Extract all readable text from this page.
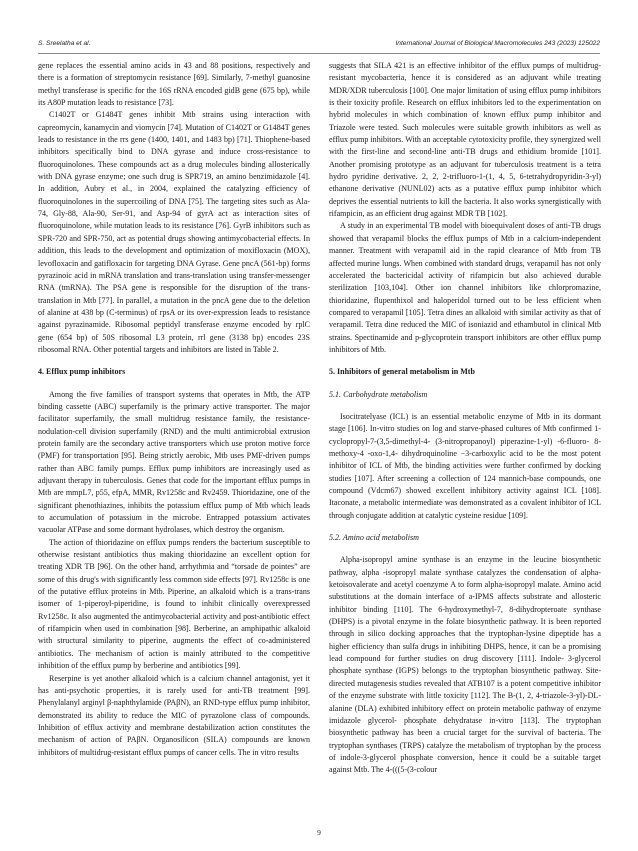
S. Sreelatha et al.	International Journal of Biological Macromolecules 243 (2023) 125022

gene replaces the essential amino acids in 43 and 88 positions, respectively and there is a formation of streptomycin resistance [69]. Similarly, 7-methyl guanosine methyl transferase is specific for the 16S rRNA encoded gidB gene (675 bp), while its A80P mutation leads to resistance [73].

C1402T or G1484T genes inhibit Mtb strains using interaction with capreomycin, kanamycin and viomycin [74]. Mutation of C1402T or G1484T genes leads to resistance in the rrs gene (1400, 1401, and 1483 bp) [71]. Thiophene-based inhibitors specifically bind to DNA gyrase and induce cross-resistance to fluoroquinolones. These compounds act as a drug molecules binding allosterically with DNA gyrase enzyme; one such drug is SPR719, an amino benzimidazole [4]. In addition, Aubry et al., in 2004, explained the catalyzing efficiency of fluoroquinolones in the supercoiling of DNA [75]. The targeting sites such as Ala-74, Gly-88, Ala-90, Ser-91, and Asp-94 of gyrA act as interaction sites of fluoroquinolone, while mutation leads to its resistance [76]. GyrB inhibitors such as SPR-720 and SPR-750, act as potential drugs showing antimycobacterial effects. In addition, this leads to the development and optimization of moxifloxacin (MOX), levofloxacin and gatifloxacin for targeting DNA Gyrase. Gene pncA (561-bp) forms pyrazinoic acid in mRNA translation and trans-translation using transfer-messenger RNA (tmRNA). The PSA gene is responsible for the disruption of the trans-translation in Mtb [77]. In parallel, a mutation in the pncA gene due to the deletion of alanine at 438 bp (C-terminus) of rpsA or its over-expression leads to resistance against pyrazinamide. Ribosomal peptidyl transferase enzyme encoded by rplC gene (654 bp) of 50S ribosomal L3 protein, rrl gene (3138 bp) encodes 23S ribosomal RNA. Other potential targets and inhibitors are listed in Table 2.

4. Efflux pump inhibitors

Among the five families of transport systems that operates in Mtb, the ATP binding cassette (ABC) superfamily is the primary active transporter. The major facilitator superfamily, the small multidrug resistance family, the resistance-nodulation-cell division superfamily (RND) and the multi antimicrobial extrusion protein family are the secondary active transporters which use proton motive force (PMF) for transportation [95]. Being strictly aerobic, Mtb uses PMF-driven pumps rather than ABC family pumps. Efflux pump inhibitors are increasingly used as adjuvant therapy in tuberculosis. Genes that code for the important efflux pumps in Mtb are mmpL7, p55, efpA, MMR, Rv1258c and Rv2459. Thioridazine, one of the significant phenothiazines, inhibits the potassium efflux pump of Mtb which leads to accumulation of potassium in the microbe. Entrapped potassium activates vacuolar ATPase and some dormant hydrolases, which destroy the organism.

The action of thioridazine on efflux pumps renders the bacterium susceptible to otherwise resistant antibiotics thus making thioridazine an excellent option for treating XDR TB [96]. On the other hand, arrhythmia and “torsade de pointes” are some of this drug's with significantly less common side effects [97]. Rv1258c is one of the putative efflux proteins in Mtb. Piperine, an alkaloid which is a trans-trans isomer of 1-piperoyl-piperidine, is found to inhibit clinically overexpressed Rv1258c. It also augmented the antimycobacterial activity and post-antibiotic effect of rifampicin when used in combination [98]. Berberine, an amphipathic alkaloid with structural similarity to piperine, augments the effect of co-administered antibiotics. The mechanism of action is mainly attributed to the competitive inhibition of the efflux pump by berberine and antibiotics [99].

Reserpine is yet another alkaloid which is a calcium channel antagonist, yet it has anti-psychotic properties, it is rarely used for anti-TB treatment [99]. Phenylalanyl arginyl β-naphthylamide (PAβN), an RND-type efflux pump inhibitor, demonstrated its ability to reduce the MIC of pyrazolone class of compounds. Inhibition of efflux activity and membrane destabilization action constitutes the mechanism of action of PAβN. Organosilicon (SILA) compounds are known inhibitors of multidrug-resistant efflux pumps of cancer cells. The in vitro results

suggests that SILA 421 is an effective inhibitor of the efflux pumps of multidrug-resistant mycobacteria, hence it is considered as an adjuvant while treating MDR/XDR tuberculosis [100]. One major limitation of using efflux pump inhibitors is their toxicity profile. Research on efflux inhibitors led to the experimentation on hybrid molecules in which combination of known efflux pump inhibitor and Triazole were tested. Such molecules were suitable growth inhibitors as well as efflux pump inhibitors. With an acceptable cytotoxicity profile, they synergized well with the first-line and second-line anti-TB drugs and ethidium bromide [101]. Another promising prototype as an adjuvant for tuberculosis treatment is a tetra hydro pyridine derivative. 2, 2, 2-trifluoro-1-(1, 4, 5, 6-tetrahydropyridin-3-yl) ethanone derivative (NUNL02) acts as a putative efflux pump inhibitor which deprives the essential nutrients to kill the bacteria. It also works synergistically with rifampicin, as an efficient drug against MDR TB [102].

A study in an experimental TB model with bioequivalent doses of anti-TB drugs showed that verapamil blocks the efflux pumps of Mtb in a calcium-independent manner. Treatment with verapamil aid in the rapid clearance of Mtb from TB affected murine lungs. When combined with standard drugs, verapamil has not only accelerated the bactericidal activity of rifampicin but also achieved durable sterilization [103,104]. Other ion channel inhibitors like chlorpromazine, thioridazine, flupenthixol and haloperidol turned out to be less efficient when compared to verapamil [105]. Tetra dines an alkaloid with similar activity as that of verapamil. Tetra dine reduced the MIC of isoniazid and ethambutol in clinical Mtb strains. Spectinamide and p-glycoprotein transport inhibitors are other efflux pump inhibitors of Mtb.

5. Inhibitors of general metabolism in Mtb
5.1. Carbohydrate metabolism

Isocitratelyase (ICL) is an essential metabolic enzyme of Mtb in its dormant stage [106]. In-vitro studies on log and starve-phased cultures of Mtb confirmed 1-cyclopropyl-7-(3,5-dimethyl-4- (3-nitropropanoyl) piperazine-1-yl) -6-fluoro- 8-methoxy-4 -oxo-1,4- dihydroquinoline −3-carboxylic acid to be the most potent inhibitor of ICL of Mtb, the binding activities were further confirmed by docking studies [107]. After screening a collection of 124 mannich-base compounds, one compound (Vdcm67) showed excellent inhibitory activity against ICL [108]. Itaconate, a metabolic intermediate was demonstrated as a covalent inhibitor of ICL through conjugate addition at catalytic cysteine residue [109].

5.2. Amino acid metabolism

Alpha-isopropyl amine synthase is an enzyme in the leucine biosynthetic pathway, alpha -isopropyl malate synthase catalyzes the condensation of alpha-ketoisovalerate and acetyl coenzyme A to form alpha-isopropyl malate. Amino acid substitutions at the domain interface of a-IPMS affects substrate and allosteric inhibitor binding [110]. The 6-hydroxymethyl-7, 8-dihydropteroate synthase (DHPS) is a pivotal enzyme in the folate biosynthetic pathway. It is been reported through in silico docking approaches that the tryptophan-lysine dipeptide has a higher efficiency than sulfa drugs in inhibiting DHPS, hence, it can be a promising lead compound for further studies on drug discovery [111]. Indole- 3-glycerol phosphate synthase (IGPS) belongs to the tryptophan biosynthetic pathway. Site-directed mutagenesis studies revealed that ATB107 is a potent competitive inhibitor of the enzyme substrate with little toxicity [112]. The B-(1, 2, 4-triazole-3-yl)-DL-alanine (DLA) exhibited inhibitory effect on protein metabolic pathway of enzyme imidazole glycerol- phosphate dehydratase in-vitro [113]. The tryptophan biosynthetic pathway has been a crucial target for the survival of bacteria. The tryptophan synthases (TRPS) catalyze the metabolism of tryptophan by the process of indole-3-glycerol phosphate conversion, hence it could be a suitable target against Mtb. The 4-(((5-(3-colour

9
